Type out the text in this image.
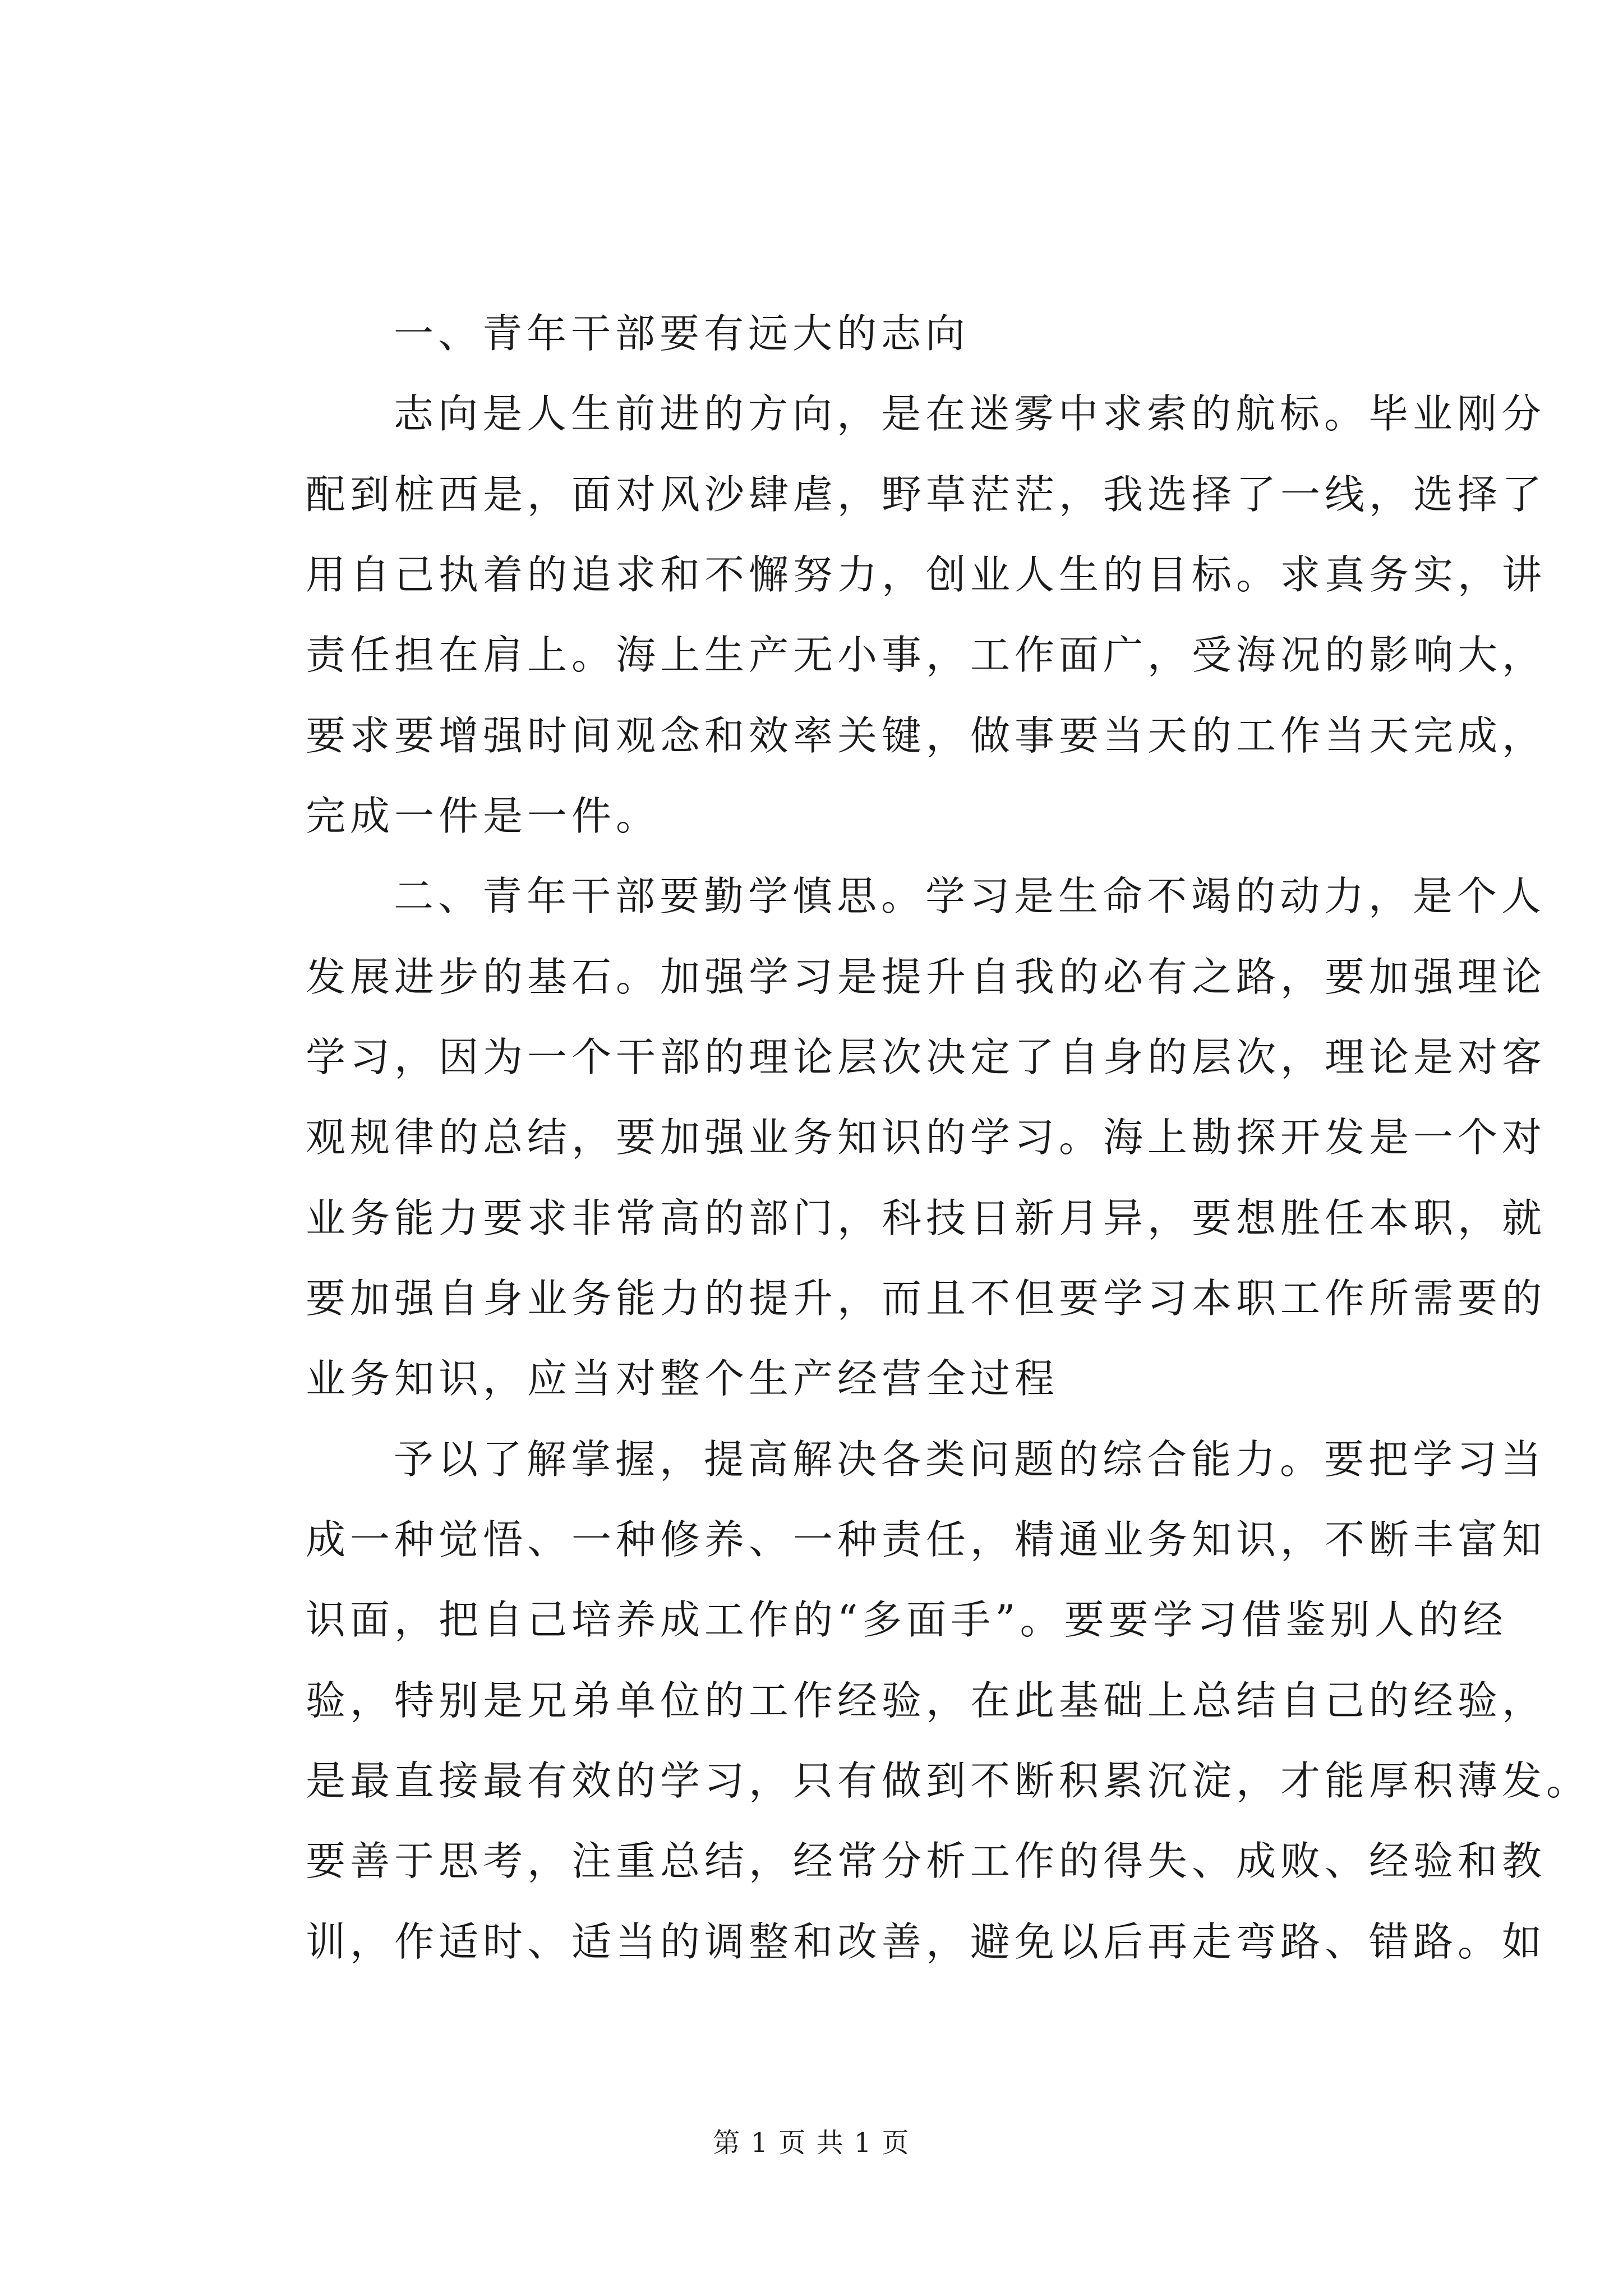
一、青年干部要有远大的志向
志向是人生前进的方向，是在迷雾中求索的航标。毕业刚分
配到桩西是，面对风沙肆虐，野草茫茫，我选择了一线，选择了
用自己执着的追求和不懈努力，创业人生的目标。求真务实，讲
责任担在肩上。海上生产无小事，工作面广，受海况的影响大，
要求要增强时间观念和效率关键，做事要当天的工作当天完成，
完成一件是一件。
二、青年干部要勤学慎思。学习是生命不竭的动力，是个人
发展进步的基石。加强学习是提升自我的必有之路，要加强理论
学习，因为一个干部的理论层次决定了自身的层次，理论是对客
观规律的总结，要加强业务知识的学习。海上勘探开发是一个对
业务能力要求非常高的部门，科技日新月异，要想胜任本职，就
要加强自身业务能力的提升，而且不但要学习本职工作所需要的
业务知识，应当对整个生产经营全过程
予以了解掌握，提高解决各类问题的综合能力。要把学习当
成一种觉悟、一种修养、一种责任，精通业务知识，不断丰富知
识面，把自己培养成工作的“多面手”。要要学习借鉴别人的经
验，特别是兄弟单位的工作经验，在此基础上总结自己的经验，
是最直接最有效的学习，只有做到不断积累沉淀，才能厚积薄发。
要善于思考，注重总结，经常分析工作的得失、成败、经验和教
训，作适时、适当的调整和改善，避免以后再走弯路、错路。如
第 1 页 共 1 页
